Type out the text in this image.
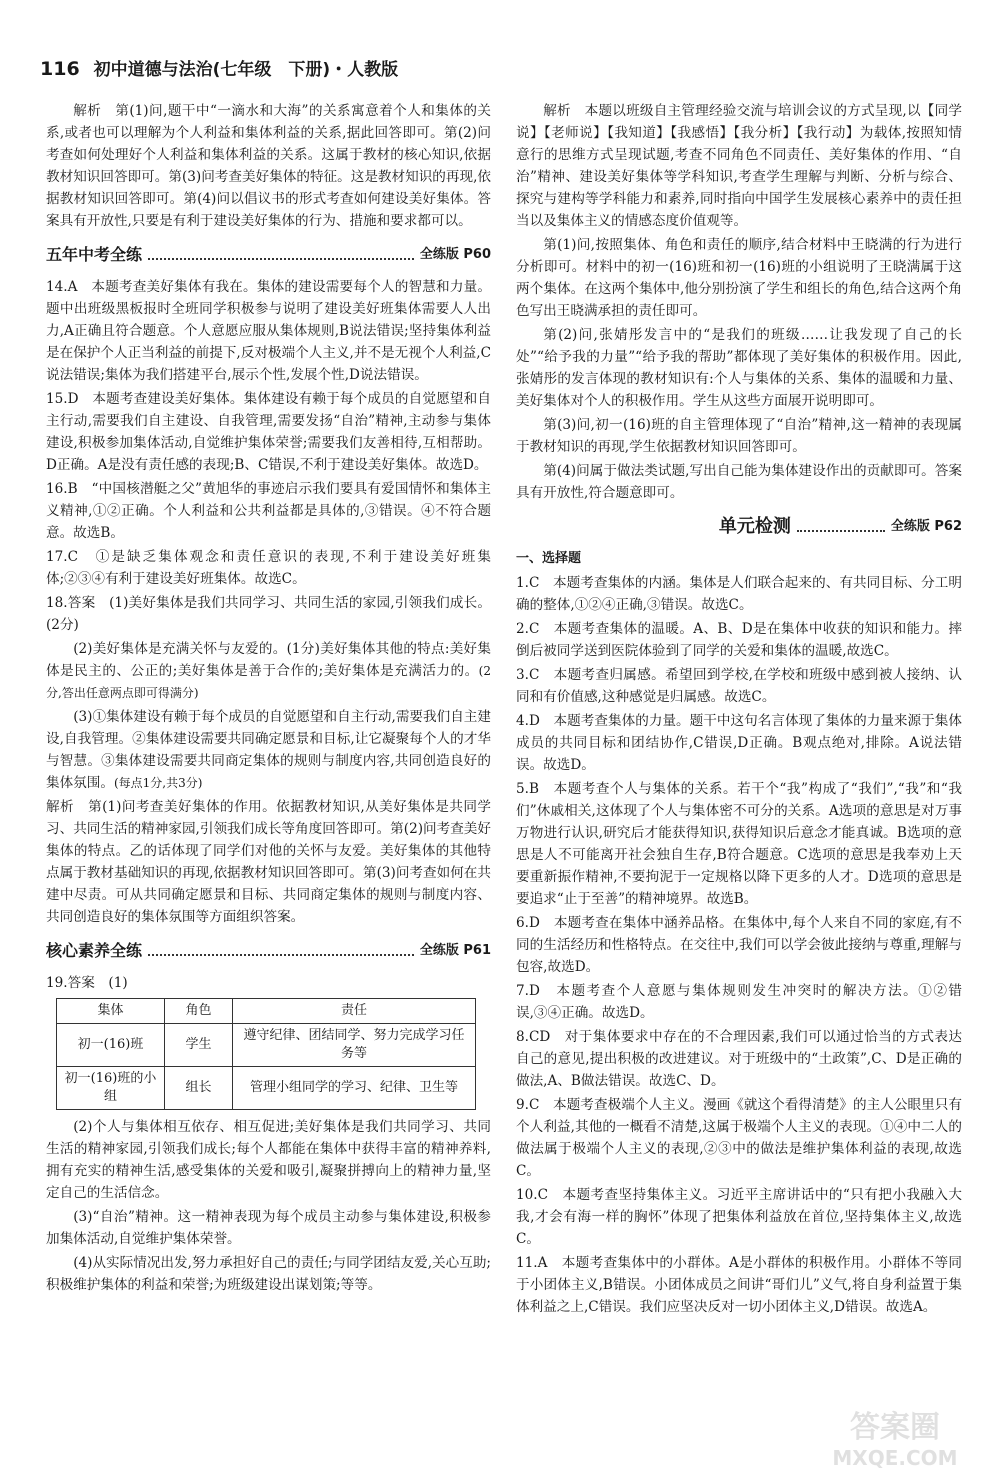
116 初中道德与法治(七年级　下册)・人教版

解析　第(1)问,题干中“一滴水和大海”的关系寓意着个人和集体的关系,或者也可以理解为个人利益和集体利益的关系,据此回答即可。第(2)问考查如何处理好个人利益和集体利益的关系。这属于教材的核心知识,依据教材知识回答即可。第(3)问考查美好集体的特征。这是教材知识的再现,依据教材知识回答即可。第(4)问以倡议书的形式考查如何建设美好集体。答案具有开放性,只要是有利于建设美好集体的行为、措施和要求都可以。

五年中考全练	全练版 P60

14.A　本题考查美好集体有我在。集体的建设需要每个人的智慧和力量。题中出班级黑板报时全班同学积极参与说明了建设美好班集体需要人人出力,A正确且符合题意。个人意愿应服从集体规则,B说法错误;坚持集体利益是在保护个人正当利益的前提下,反对极端个人主义,并不是无视个人利益,C说法错误;集体为我们搭建平台,展示个性,发展个性,D说法错误。

15.D　本题考查建设美好集体。集体建设有赖于每个成员的自觉愿望和自主行动,需要我们自主建设、自我管理,需要发扬“自治”精神,主动参与集体建设,积极参加集体活动,自觉维护集体荣誉;需要我们友善相待,互相帮助。D正确。A是没有责任感的表现;B、C错误,不利于建设美好集体。故选D。

16.B　“中国核潜艇之父”黄旭华的事迹启示我们要具有爱国情怀和集体主义精神,①②正确。个人利益和公共利益都是具体的,③错误。④不符合题意。故选B。

17.C　①是缺乏集体观念和责任意识的表现,不利于建设美好班集体;②③④有利于建设美好班集体。故选C。

18.答案　(1)美好集体是我们共同学习、共同生活的家园,引领我们成长。(2分)

(2)美好集体是充满关怀与友爱的。(1分)美好集体其他的特点:美好集体是民主的、公正的;美好集体是善于合作的;美好集体是充满活力的。(2分,答出任意两点即可得满分)

(3)①集体建设有赖于每个成员的自觉愿望和自主行动,需要我们自主建设,自我管理。②集体建设需要共同确定愿景和目标,让它凝聚每个人的才华与智慧。③集体建设需要共同商定集体的规则与制度内容,共同创造良好的集体氛围。(每点1分,共3分)

解析　第(1)问考查美好集体的作用。依据教材知识,从美好集体是共同学习、共同生活的精神家园,引领我们成长等角度回答即可。第(2)问考查美好集体的特点。乙的话体现了同学们对他的关怀与友爱。美好集体的其他特点属于教材基础知识的再现,依据教材知识回答即可。第(3)问考查如何在共建中尽责。可从共同确定愿景和目标、共同商定集体的规则与制度内容、共同创造良好的集体氛围等方面组织答案。

核心素养全练	全练版 P61

19.答案　(1)

集体	角色	责任
初一(16)班	学生	遵守纪律、团结同学、努力完成学习任务等
初一(16)班的小组	组长	管理小组同学的学习、纪律、卫生等

(2)个人与集体相互依存、相互促进;美好集体是我们共同学习、共同生活的精神家园,引领我们成长;每个人都能在集体中获得丰富的精神养料,拥有充实的精神生活,感受集体的关爱和吸引,凝聚拼搏向上的精神力量,坚定自己的生活信念。

(3)“自治”精神。这一精神表现为每个成员主动参与集体建设,积极参加集体活动,自觉维护集体荣誉。

(4)从实际情况出发,努力承担好自己的责任;与同学团结友爱,关心互助;积极维护集体的利益和荣誉;为班级建设出谋划策;等等。

解析　本题以班级自主管理经验交流与培训会议的方式呈现,以【同学说】【老师说】【我知道】【我感悟】【我分析】【我行动】为载体,按照知情意行的思维方式呈现试题,考查不同角色不同责任、美好集体的作用、“自治”精神、建设美好集体等学科知识,考查学生理解与判断、分析与综合、探究与建构等学科能力和素养,同时指向中国学生发展核心素养中的责任担当以及集体主义的情感态度价值观等。

第(1)问,按照集体、角色和责任的顺序,结合材料中王晓满的行为进行分析即可。材料中的初一(16)班和初一(16)班的小组说明了王晓满属于这两个集体。在这两个集体中,他分别扮演了学生和组长的角色,结合这两个角色写出王晓满承担的责任即可。

第(2)问,张婧彤发言中的“是我们的班级……让我发现了自己的长处”“给予我的力量”“给予我的帮助”都体现了美好集体的积极作用。因此,张婧彤的发言体现的教材知识有:个人与集体的关系、集体的温暖和力量、美好集体对个人的积极作用。学生从这些方面展开说明即可。

第(3)问,初一(16)班的自主管理体现了“自治”精神,这一精神的表现属于教材知识的再现,学生依据教材知识回答即可。

第(4)问属于做法类试题,写出自己能为集体建设作出的贡献即可。答案具有开放性,符合题意即可。

单元检测	全练版 P62

一、选择题

1.C　本题考查集体的内涵。集体是人们联合起来的、有共同目标、分工明确的整体,①②④正确,③错误。故选C。

2.C　本题考查集体的温暖。A、B、D是在集体中收获的知识和能力。摔倒后被同学送到医院体验到了同学的关爱和集体的温暖,故选C。

3.C　本题考查归属感。希望回到学校,在学校和班级中感到被人接纳、认同和有价值感,这种感觉是归属感。故选C。

4.D　本题考查集体的力量。题干中这句名言体现了集体的力量来源于集体成员的共同目标和团结协作,C错误,D正确。B观点绝对,排除。A说法错误。故选D。

5.B　本题考查个人与集体的关系。若干个“我”构成了“我们”,“我”和“我们”休戚相关,这体现了个人与集体密不可分的关系。A选项的意思是对万事万物进行认识,研究后才能获得知识,获得知识后意念才能真诚。B选项的意思是人不可能离开社会独自生存,B符合题意。C选项的意思是我奉劝上天要重新振作精神,不要拘泥于一定规格以降下更多的人才。D选项的意思是要追求“止于至善”的精神境界。故选B。

6.D　本题考查在集体中涵养品格。在集体中,每个人来自不同的家庭,有不同的生活经历和性格特点。在交往中,我们可以学会彼此接纳与尊重,理解与包容,故选D。

7.D　本题考查个人意愿与集体规则发生冲突时的解决方法。①②错误,③④正确。故选D。

8.CD　对于集体要求中存在的不合理因素,我们可以通过恰当的方式表达自己的意见,提出积极的改进建议。对于班级中的“土政策”,C、D是正确的做法,A、B做法错误。故选C、D。

9.C　本题考查极端个人主义。漫画《就这个看得清楚》的主人公眼里只有个人利益,其他的一概看不清楚,这属于极端个人主义的表现。①④中二人的做法属于极端个人主义的表现,②③中的做法是维护集体利益的表现,故选C。

10.C　本题考查坚持集体主义。习近平主席讲话中的“只有把小我融入大我,才会有海一样的胸怀”体现了把集体利益放在首位,坚持集体主义,故选C。

11.A　本题考查集体中的小群体。A是小群体的积极作用。小群体不等同于小团体主义,B错误。小团体成员之间讲“哥们儿”义气,将自身利益置于集体利益之上,C错误。我们应坚决反对一切小团体主义,D错误。故选A。

答案圈
MXQE.COM
